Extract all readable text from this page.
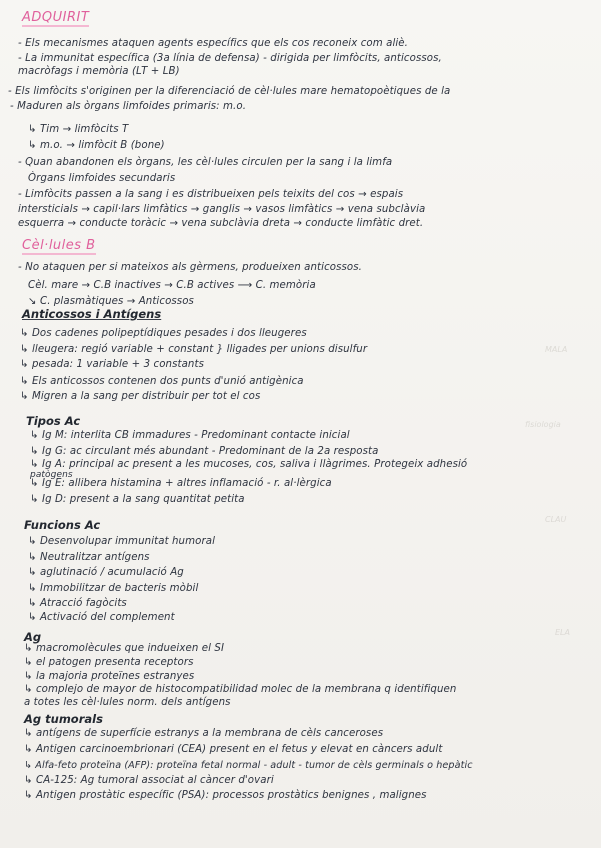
MALA
fisiologia
CLAU
ELA
ADQUIRIT
- Els mecanismes ataquen agents específics que els cos reconeix com aliè.
- La immunitat específica (3a línia de defensa) - dirigida per limfòcits, anticossos,
macròfags i memòria (LT + LB)
- Els limfòcits s'originen per la diferenciació de cèl·lules mare hematopoètiques de la
- Maduren als òrgans limfoides primaris: m.o.
↳ Tim → limfòcits T
↳ m.o. → limfòcit B (bone)
- Quan abandonen els òrgans, les cèl·lules circulen per la sang i la limfa
Òrgans limfoides secundaris
- Limfòcits passen a la sang i es distribueixen pels teixits del cos → espais
intersticials → capil·lars limfàtics → ganglis → vasos limfàtics → vena subclàvia
esquerra → conducte toràcic → vena subclàvia dreta → conducte limfàtic dret.
Cèl·lules B
- No ataquen per si mateixos als gèrmens, produeixen anticossos.
Cèl. mare → C.B inactives → C.B actives ⟶ C. memòria
↘ C. plasmàtiques → Anticossos
Anticossos i Antígens
↳ Dos cadenes polipeptídiques pesades i dos lleugeres
↳ lleugera: regió variable + constant } lligades per unions disulfur
↳ pesada: 1 variable + 3 constants
↳ Els anticossos contenen dos punts d'unió antigènica
↳ Migren a la sang per distribuir per tot el cos
Tipos Ac
↳ Ig M: interlita CB immadures - Predominant contacte inicial
↳ Ig G: ac circulant més abundant - Predominant de la 2a resposta
↳ Ig A: principal ac present a les mucoses, cos, saliva i llàgrimes. Protegeix adhesió
patògens
↳ Ig E: allibera histamina + altres inflamació - r. al·lèrgica
↳ Ig D: present a la sang quantitat petita
Funcions Ac
↳ Desenvolupar immunitat humoral
↳ Neutralitzar antígens
↳ aglutinació / acumulació Ag
↳ Immobilitzar de bacteris mòbil
↳ Atracció fagòcits
↳ Activació del complement
Ag
↳ macromolècules que indueixen el SI
↳ el patogen presenta receptors
↳ la majoria proteïnes estranyes
↳ complejo de mayor de histocompatibilidad molec de la membrana q identifiquen
a totes les cèl·lules norm. dels antígens
Ag tumorals
↳ antígens de superfície estranys a la membrana de cèls canceroses
↳ Antigen carcinoembrionari (CEA) present en el fetus y elevat en càncers adult
↳ Alfa-feto proteïna (AFP): proteïna fetal normal - adult - tumor de cèls germinals o hepàtic
↳ CA-125: Ag tumoral associat al càncer d'ovari
↳ Antigen prostàtic específic (PSA): processos prostàtics benignes , malignes
